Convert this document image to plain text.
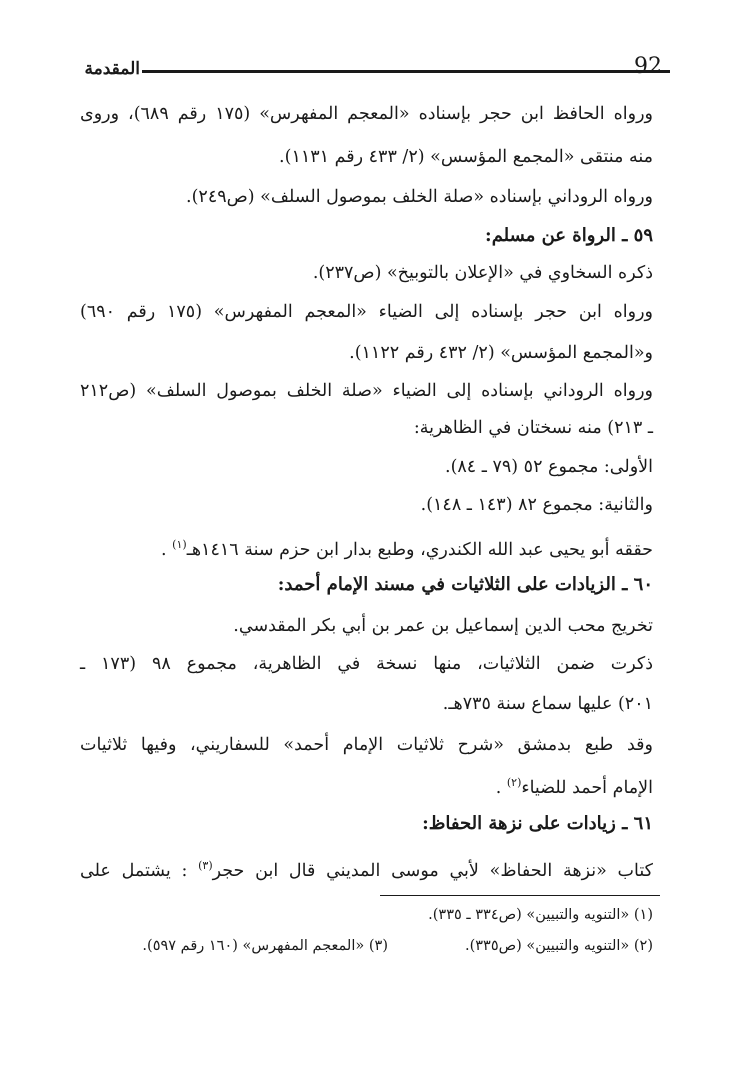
92
المقدمة
ورواه الحافظ ابن حجر بإسناده «المعجم المفهرس» (١٧٥ رقم ٦٨٩)، وروى
منه منتقى «المجمع المؤسس» (٢/ ٤٣٣ رقم ١١٣١).
ورواه الروداني بإسناده «صلة الخلف بموصول السلف» (ص٢٤٩).
٥٩ ـ الرواة عن مسلم:
ذكره السخاوي في «الإعلان بالتوبيخ» (ص٢٣٧).
ورواه ابن حجر بإسناده إلى الضياء «المعجم المفهرس» (١٧٥ رقم ٦٩٠)
و«المجمع المؤسس» (٢/ ٤٣٢ رقم ١١٢٢).
ورواه الروداني بإسناده إلى الضياء «صلة الخلف بموصول السلف» (ص٢١٢
ـ ٢١٣) منه نسختان في الظاهرية:
الأولى: مجموع ٥٢ (٧٩ ـ ٨٤).
والثانية: مجموع ٨٢ (١٤٣ ـ ١٤٨).
حققه أبو يحيى عبد الله الكندري، وطبع بدار ابن حزم سنة ١٤١٦هـ$^{(١)}$ .
٦٠ ـ الزيادات على الثلاثيات في مسند الإمام أحمد:
تخريج محب الدين إسماعيل بن عمر بن أبي بكر المقدسي.
ذكرت ضمن الثلاثيات، منها نسخة في الظاهرية، مجموع ٩٨ (١٧٣ ـ
٢٠١) عليها سماع سنة ٧٣٥هـ.
وقد طبع بدمشق «شرح ثلاثيات الإمام أحمد» للسفاريني، وفيها ثلاثيات
الإمام أحمد للضياء$^{(٢)}$ .
٦١ ـ زيادات على نزهة الحفاظ:
كتاب «نزهة الحفاظ» لأبي موسى المديني قال ابن حجر$^{(٣)}$ : يشتمل على
(١) «التنويه والتبيين» (ص٣٣٤ ـ ٣٣٥).
(٢) «التنويه والتبيين» (ص٣٣٥).
(٣) «المعجم المفهرس» (١٦٠ رقم ٥٩٧).
